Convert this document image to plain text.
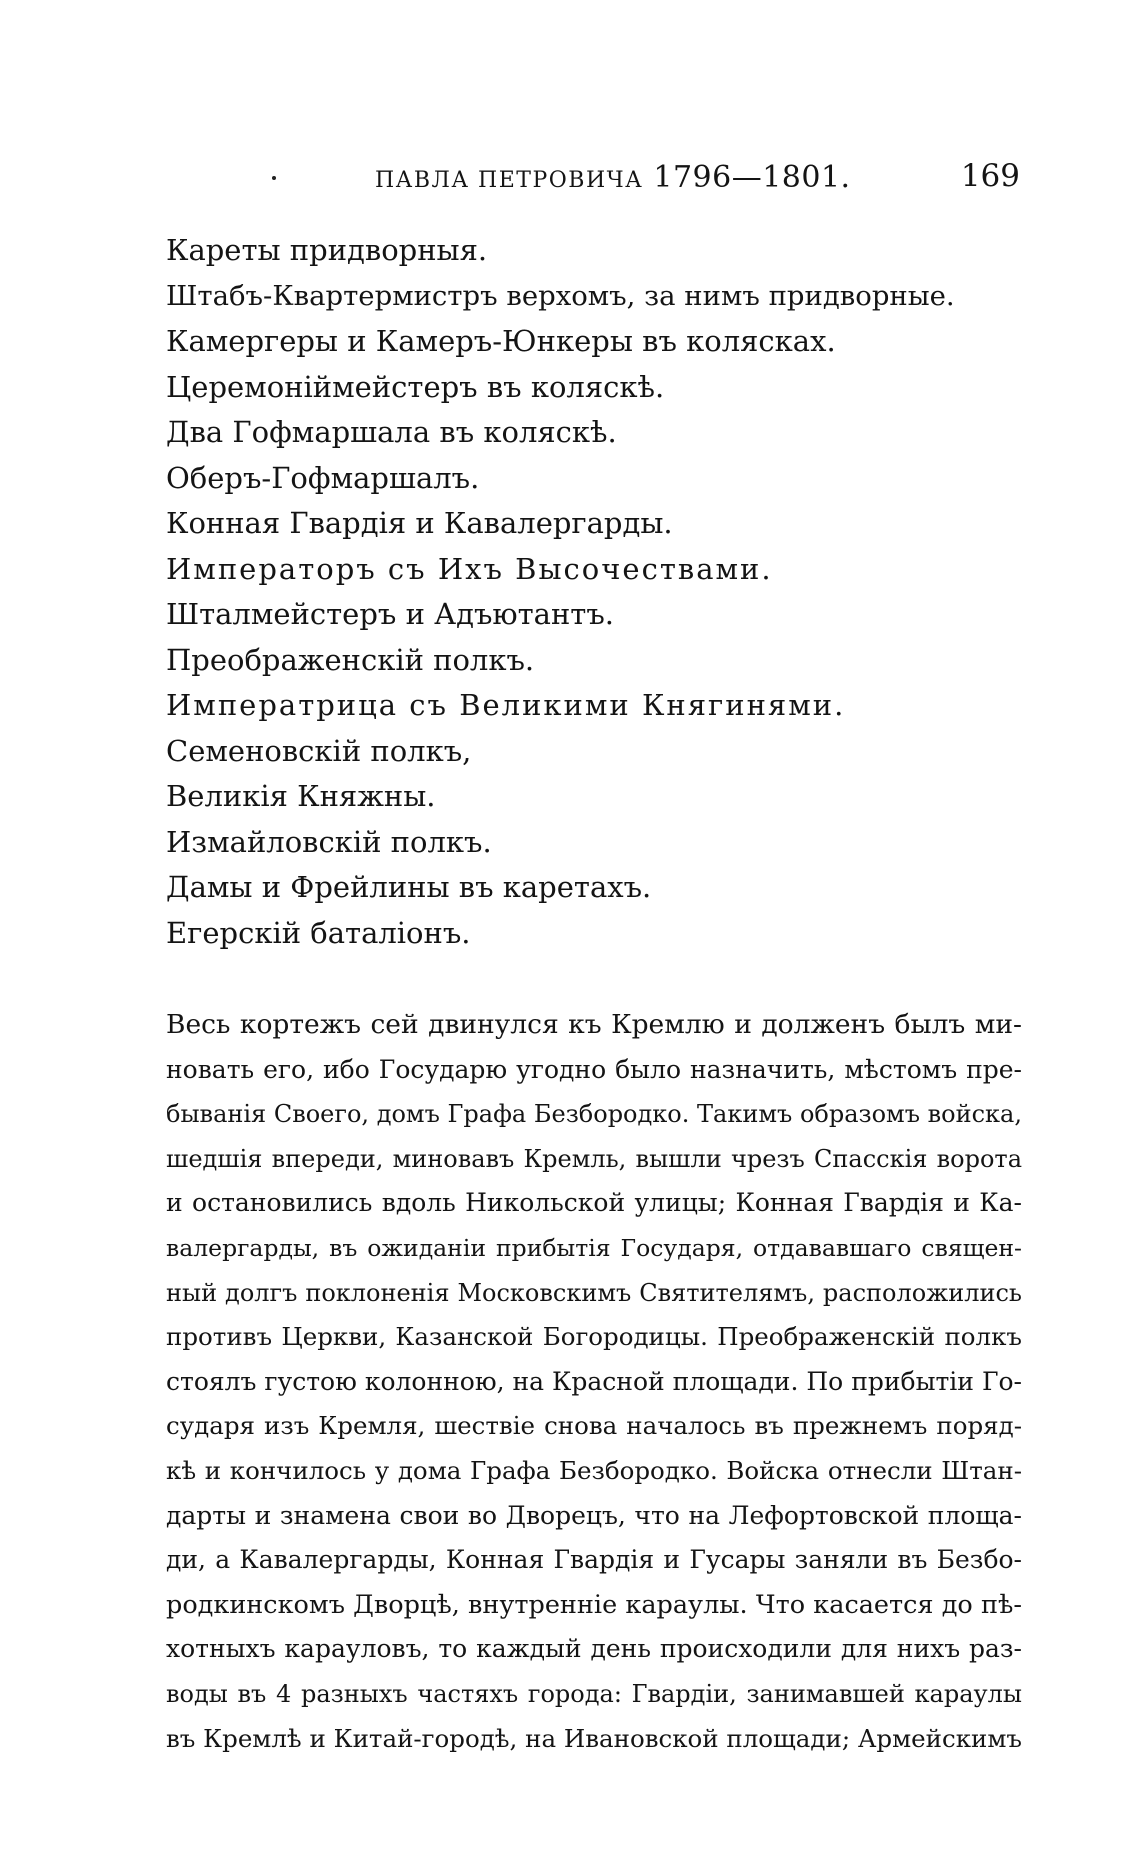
ПАВЛА ПЕТРОВИЧА 1796—1801.	169
Кареты придворныя.
Штабъ-Квартермистръ верхомъ, за нимъ придворные.
Камергеры и Камеръ-Юнкеры въ колясках.
Церемоніймейстеръ въ коляскѣ.
Два Гофмаршала въ коляскѣ.
Оберъ-Гофмаршалъ.
Конная Гвардія и Кавалергарды.
Императоръ съ Ихъ Высочествами.
Шталмейстеръ и Адъютантъ.
Преображенскій полкъ.
Императрица съ Великими Княгинями.
Семеновскій полкъ,
Великія Княжны.
Измайловскій полкъ.
Дамы и Фрейлины въ каретахъ.
Егерскій баталіонъ.
Весь кортежъ сей двинулся къ Кремлю и долженъ былъ ми-
новать его, ибо Государю угодно было назначить, мѣстомъ пре-
быванія Своего, домъ Графа Безбородко. Такимъ образомъ войска,
шедшія впереди, миновавъ Кремль, вышли чрезъ Спасскія ворота
и остановились вдоль Никольской улицы; Конная Гвардія и Ка-
валергарды, въ ожиданіи прибытія Государя, отдававшаго священ-
ный долгъ поклоненія Московскимъ Святителямъ, расположились
противъ Церкви, Казанской Богородицы. Преображенскій полкъ
стоялъ густою колонною, на Красной площади. По прибытіи Го-
сударя изъ Кремля, шествіе снова началось въ прежнемъ поряд-
кѣ и кончилось у дома Графа Безбородко. Войска отнесли Штан-
дарты и знамена свои во Дворецъ, что на Лефортовской площа-
ди, а Кавалергарды, Конная Гвардія и Гусары заняли въ Безбо-
родкинскомъ Дворцѣ, внутренніе караулы. Что касается до пѣ-
хотныхъ карауловъ, то каждый день происходили для нихъ раз-
воды въ 4 разныхъ частяхъ города: Гвардіи, занимавшей караулы
въ Кремлѣ и Китай-городѣ, на Ивановской площади; Армейскимъ
